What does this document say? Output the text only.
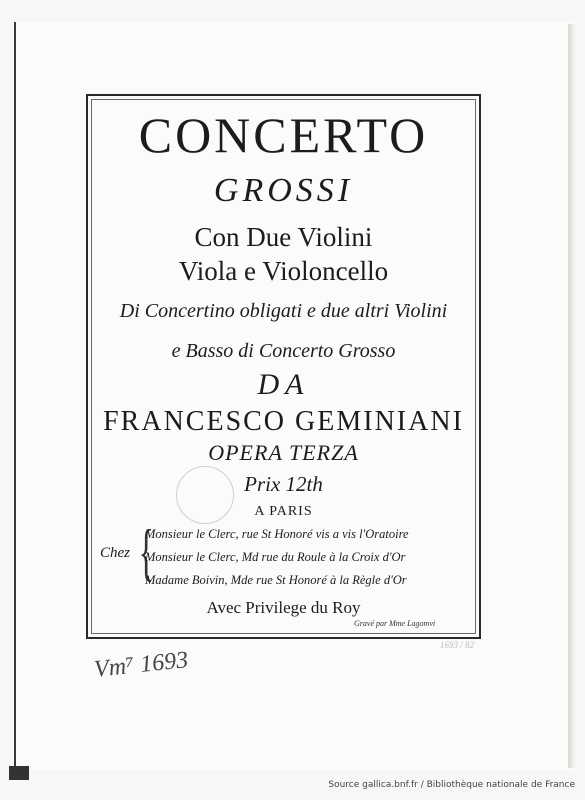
CONCERTO
GROSSI
Con Due Violini
Viola e Violoncello
Di Concertino obligati e due altri Violini
e Basso di Concerto Grosso
DA
FRANCESCO GEMINIANI
OPERA TERZA
Prix 12th
A PARIS
Chez {
Monsieur le Clerc, rue St Honoré vis a vis l'Oratoire
Monsieur le Clerc, Md rue du Roule à la Croix d'Or
Madame Boivin, Mde rue St Honoré à la Règle d'Or
Avec Privilege du Roy
Gravé par Mme Lagomvi
Vm⁷ 1693
1693 / 82
Source gallica.bnf.fr / Bibliothèque nationale de France
